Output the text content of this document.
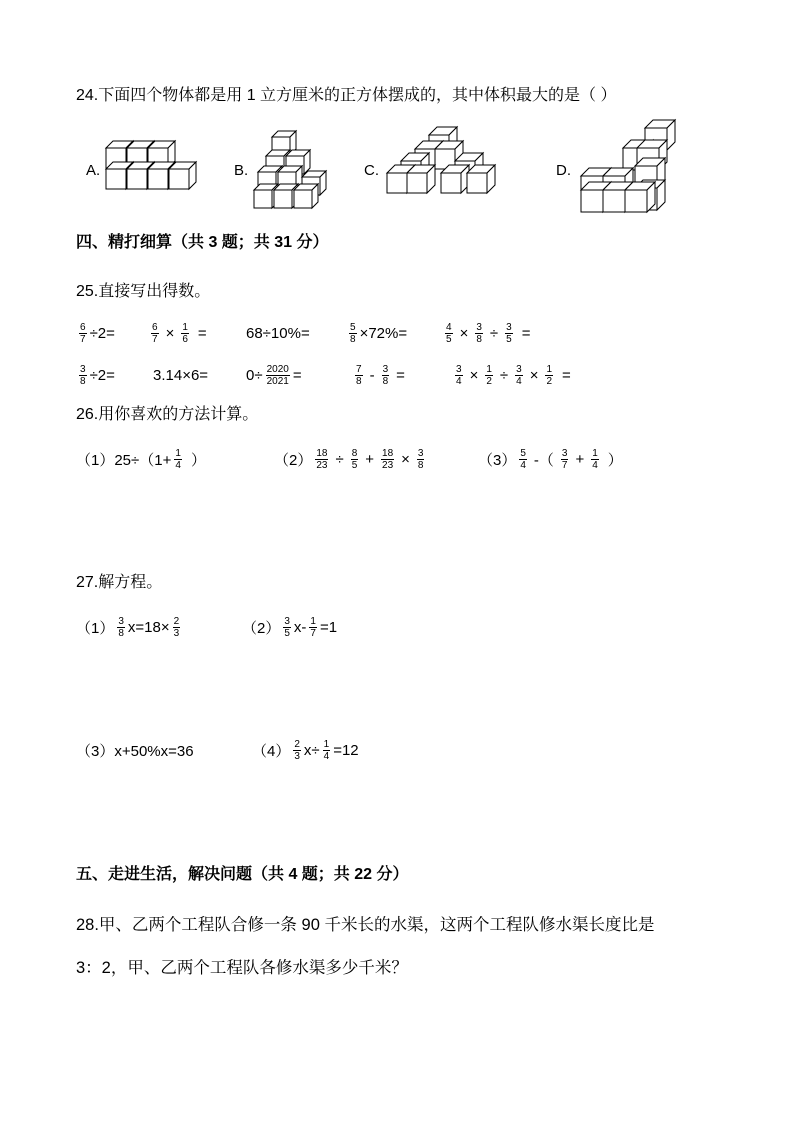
24.下面四个物体都是用 1 立方厘米的正方体摆成的，其中体积最大的是（ ）
A.	B.	C.	D.
四、精打细算（共 3 题；共 31 分）
25.直接写出得数。
$\frac{6}{7} \div 2=$	$\frac{6}{7} \times \frac{1}{6}$ =	68÷10%=	$\frac{5}{8} \times 72\%=$	$\frac{4}{5} \times \frac{3}{8} \div \frac{3}{5}$ =
$\frac{3}{8} \div 2=$	3.14×6=	$0\div \frac{2020}{2021}$ =	$\frac{7}{8} - \frac{3}{8}$ =	$\frac{3}{4} \times \frac{1}{2} \div \frac{3}{4} \times \frac{1}{2}$ =
26.用你喜欢的方法计算。
$(1)25\div(1+ \frac{1}{4}$ ）	$(2) \frac{18}{23} \div \frac{8}{5} + \frac{18}{23} \times \frac{3}{8}$	$(3) \frac{5}{4}$ -（ $\frac{3}{7} + \frac{1}{4}$ ）
27.解方程。
$(1) \frac{3}{8} x=18\times \frac{2}{3}$	$(2) \frac{3}{5} x- \frac{1}{7} =1$
（3）x+50%x=36	$(4) \frac{2}{3} x\div \frac{1}{4} =12$
五、走进生活，解决问题（共 4 题；共 22 分）
28.甲、乙两个工程队合修一条 90 千米长的水渠，这两个工程队修水渠长度比是
3：2，甲、乙两个工程队各修水渠多少千米？
